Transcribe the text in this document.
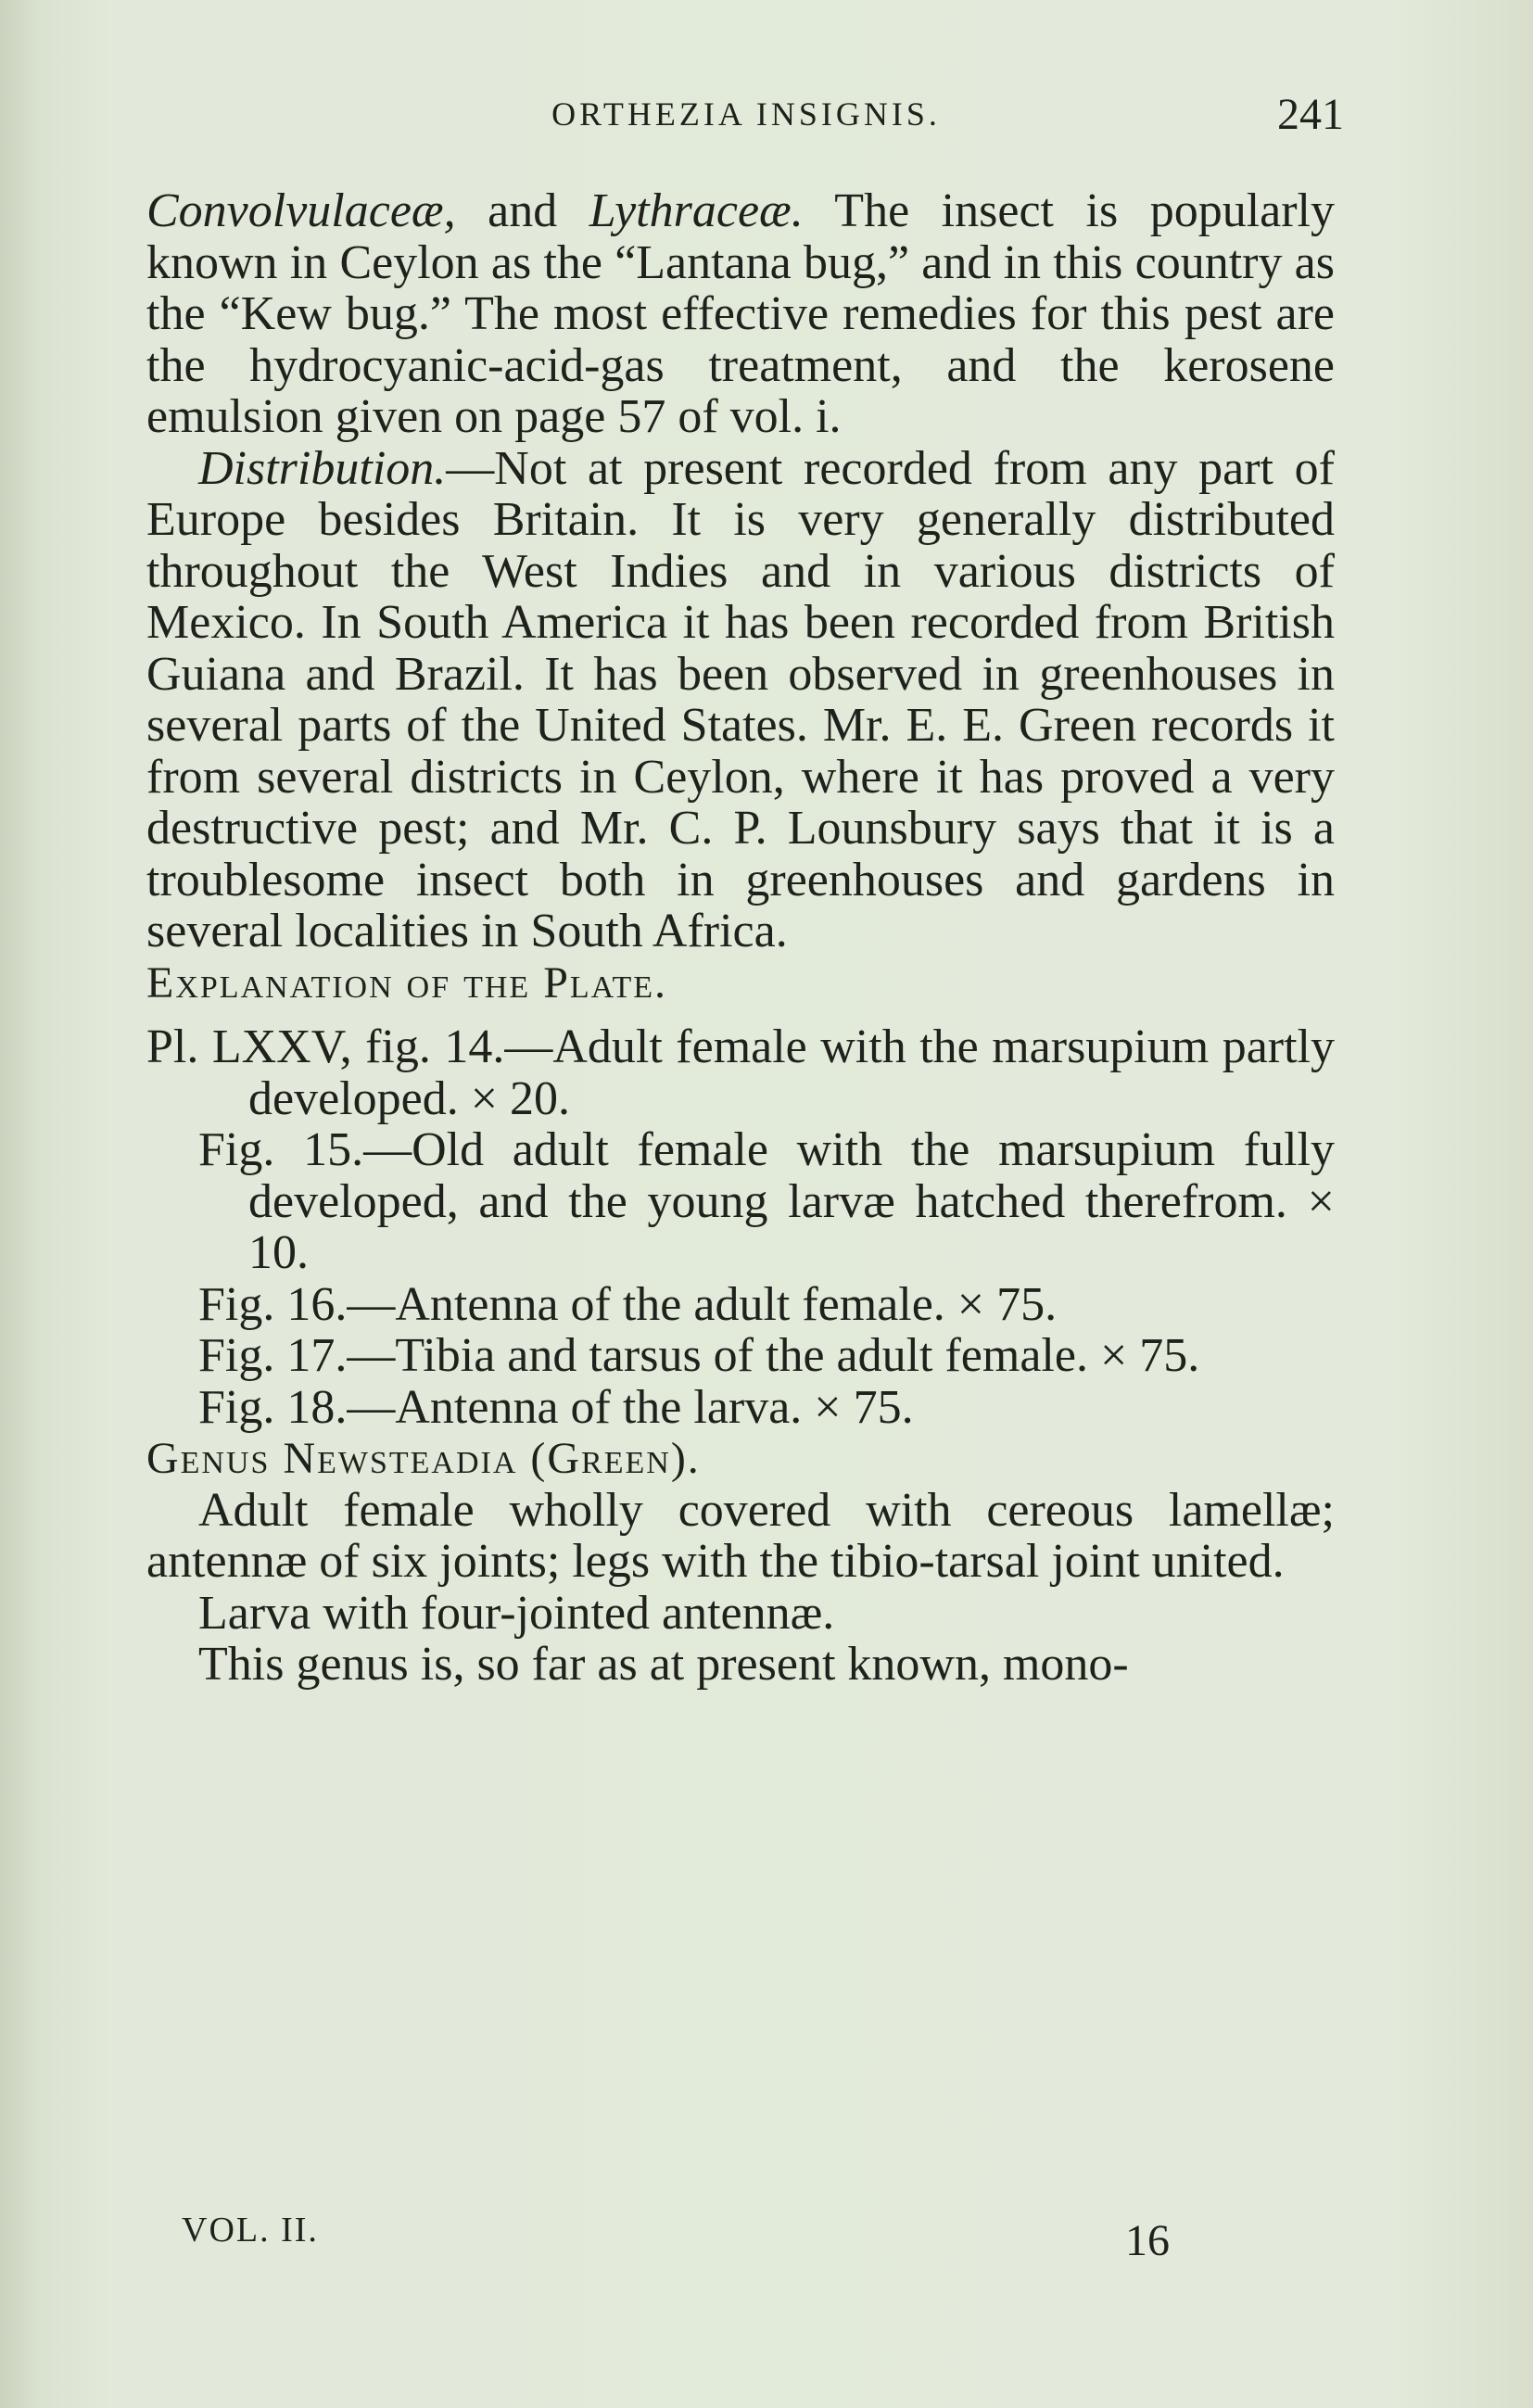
ORTHEZIA INSIGNIS.	241

Convolvulaceæ, and Lythraceæ. The insect is popularly known in Ceylon as the “Lantana bug,” and in this country as the “Kew bug.” The most effective remedies for this pest are the hydrocyanic-acid-gas treatment, and the kerosene emulsion given on page 57 of vol. i.

Distribution.—Not at present recorded from any part of Europe besides Britain. It is very generally distributed throughout the West Indies and in various districts of Mexico. In South America it has been recorded from British Guiana and Brazil. It has been observed in greenhouses in several parts of the United States. Mr. E. E. Green records it from several districts in Ceylon, where it has proved a very destructive pest; and Mr. C. P. Lounsbury says that it is a troublesome insect both in greenhouses and gardens in several localities in South Africa.

Explanation of the Plate.

Pl. LXXV, fig. 14.—Adult female with the marsupium partly developed. × 20.

Fig. 15.—Old adult female with the marsupium fully developed, and the young larvæ hatched therefrom. × 10.

Fig. 16.—Antenna of the adult female. × 75.

Fig. 17.—Tibia and tarsus of the adult female. × 75.

Fig. 18.—Antenna of the larva. × 75.

Genus Newsteadia (Green).

Adult female wholly covered with cereous lamellæ; antennæ of six joints; legs with the tibio-tarsal joint united.

Larva with four-jointed antennæ.

This genus is, so far as at present known, mono-

VOL. II.	16
